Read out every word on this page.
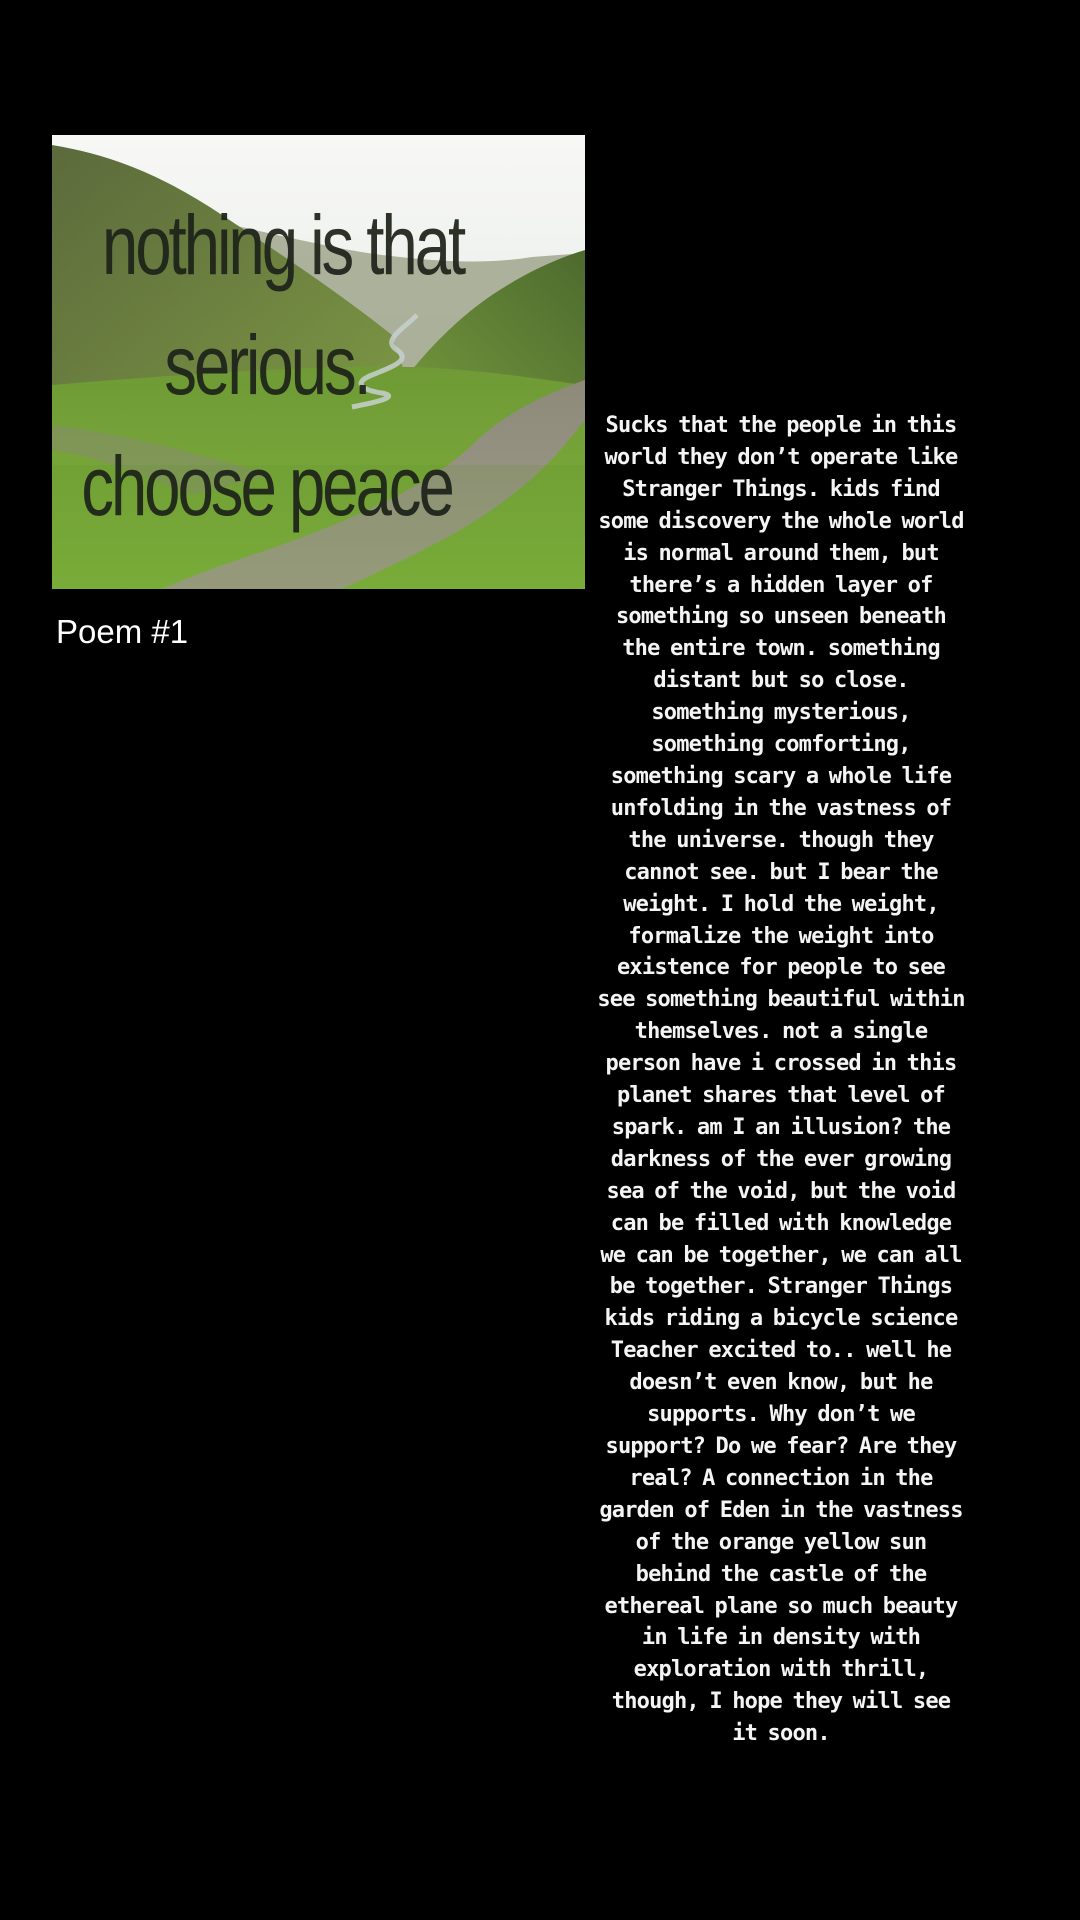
nothing is that
serious.
choose peace
Poem #1
Sucks that the people in this world they don’t operate like Stranger Things. kids find some discovery the whole world is normal around them, but there’s a hidden layer of something so unseen beneath the entire town. something distant but so close. something mysterious, something comforting, something scary a whole life unfolding in the vastness of the universe. though they cannot see. but I bear the weight. I hold the weight, formalize the weight into existence for people to see see something beautiful within themselves. not a single person have i crossed in this planet shares that level of spark. am I an illusion? the darkness of the ever growing sea of the void, but the void can be filled with knowledge we can be together, we can all be together. Stranger Things kids riding a bicycle science Teacher excited to.. well he doesn’t even know, but he supports. Why don’t we support? Do we fear? Are they real? A connection in the garden of Eden in the vastness of the orange yellow sun behind the castle of the ethereal plane so much beauty in life in density with exploration with thrill, though, I hope they will see it soon.
